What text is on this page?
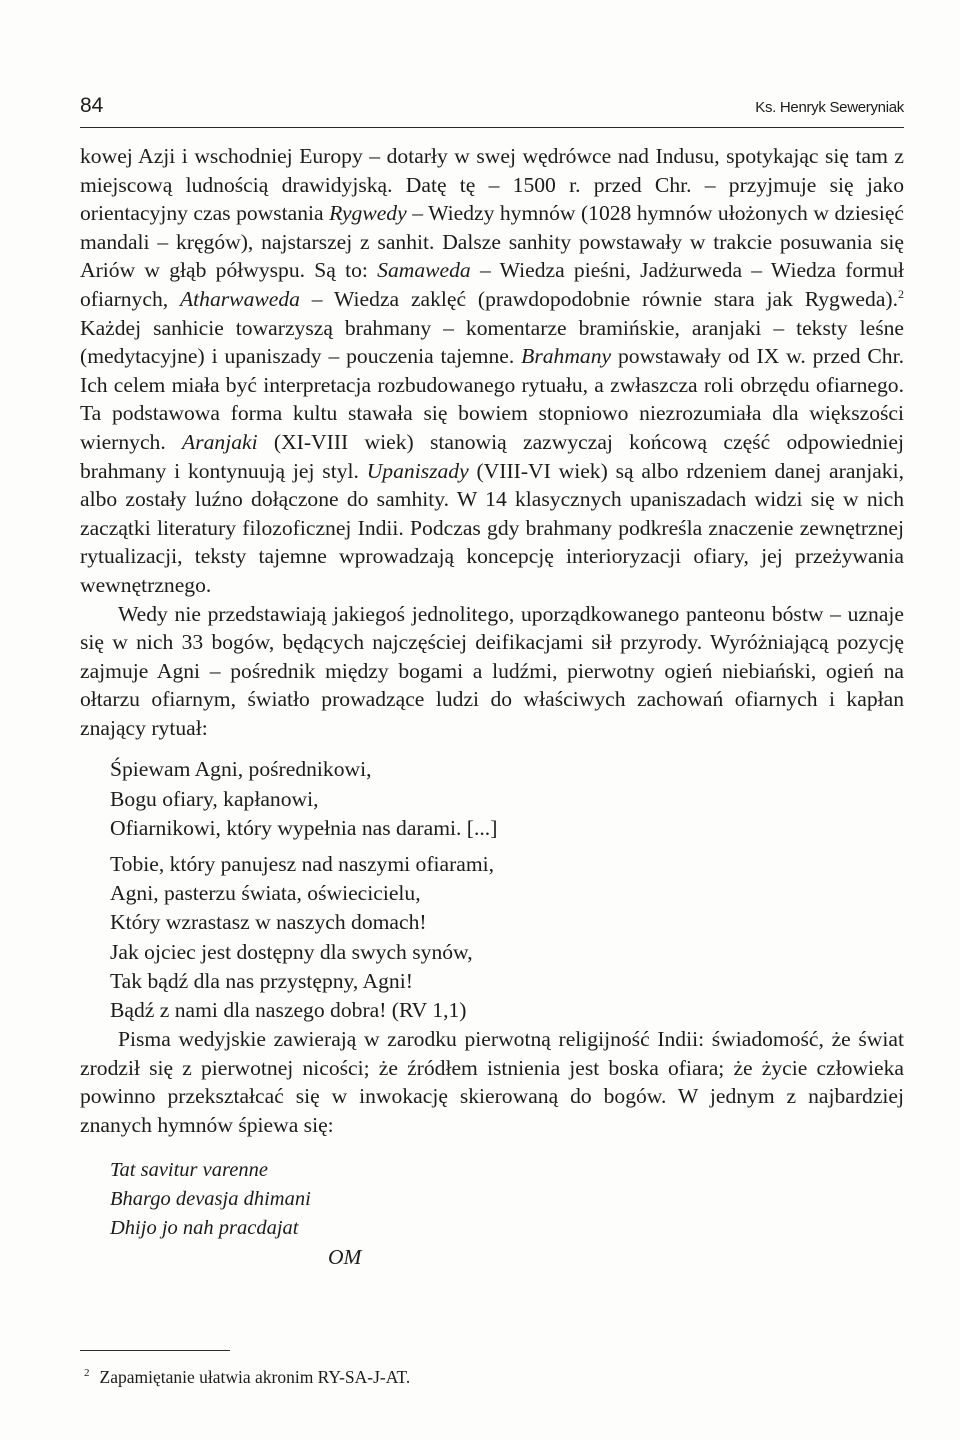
84	Ks. Henryk Seweryniak

kowej Azji i wschodniej Europy – dotarły w swej wędrówce nad Indusu, spotykając się tam z miejscową ludnością drawidyjską. Datę tę – 1500 r. przed Chr. – przyjmuje się jako orientacyjny czas powstania Rygwedy – Wiedzy hymnów (1028 hymnów ułożonych w dziesięć mandali – kręgów), najstarszej z sanhit. Dalsze sanhity powstawały w trakcie posuwania się Ariów w głąb półwyspu. Są to: Samaweda – Wiedza pieśni, Jadżurweda – Wiedza formuł ofiarnych, Atharwaweda – Wiedza zaklęć (prawdopodobnie równie stara jak Rygweda).$^2$ Każdej sanhicie towarzyszą brahmany – komentarze bramińskie, aranjaki – teksty leśne (medytacyjne) i upaniszady – pouczenia tajemne. Brahmany powstawały od IX w. przed Chr. Ich celem miała być interpretacja rozbudowanego rytuału, a zwłaszcza roli obrzędu ofiarnego. Ta podstawowa forma kultu stawała się bowiem stopniowo niezrozumiała dla większości wiernych. Aranjaki (XI-VIII wiek) stanowią zazwyczaj końcową część odpowiedniej brahmany i kontynuują jej styl. Upaniszady (VIII-VI wiek) są albo rdzeniem danej aranjaki, albo zostały luźno dołączone do samhity. W 14 klasycznych upaniszadach widzi się w nich zaczątki literatury filozoficznej Indii. Podczas gdy brahmany podkreśla znaczenie zewnętrznej rytualizacji, teksty tajemne wprowadzają koncepcję interioryzacji ofiary, jej przeżywania wewnętrznego.

Wedy nie przedstawiają jakiegoś jednolitego, uporządkowanego panteonu bóstw – uznaje się w nich 33 bogów, będących najczęściej deifikacjami sił przyrody. Wyróżniającą pozycję zajmuje Agni – pośrednik między bogami a ludźmi, pierwotny ogień niebiański, ogień na ołtarzu ofiarnym, światło prowadzące ludzi do właściwych zachowań ofiarnych i kapłan znający rytuał:

Śpiewam Agni, pośrednikowi,
Bogu ofiary, kapłanowi,
Ofiarnikowi, który wypełnia nas darami. [...]
Tobie, który panujesz nad naszymi ofiarami,
Agni, pasterzu świata, oświecicielu,
Który wzrastasz w naszych domach!
Jak ojciec jest dostępny dla swych synów,
Tak bądź dla nas przystępny, Agni!
Bądź z nami dla naszego dobra! (RV 1,1)

Pisma wedyjskie zawierają w zarodku pierwotną religijność Indii: świadomość, że świat zrodził się z pierwotnej nicości; że źródłem istnienia jest boska ofiara; że życie człowieka powinno przekształcać się w inwokację skierowaną do bogów. W jednym z najbardziej znanych hymnów śpiewa się:

Tat savitur varenne
Bhargo devasja dhimani
Dhijo jo nah pracdajat
OM
$^2$ Zapamiętanie ułatwia akronim RY-SA-J-AT.
